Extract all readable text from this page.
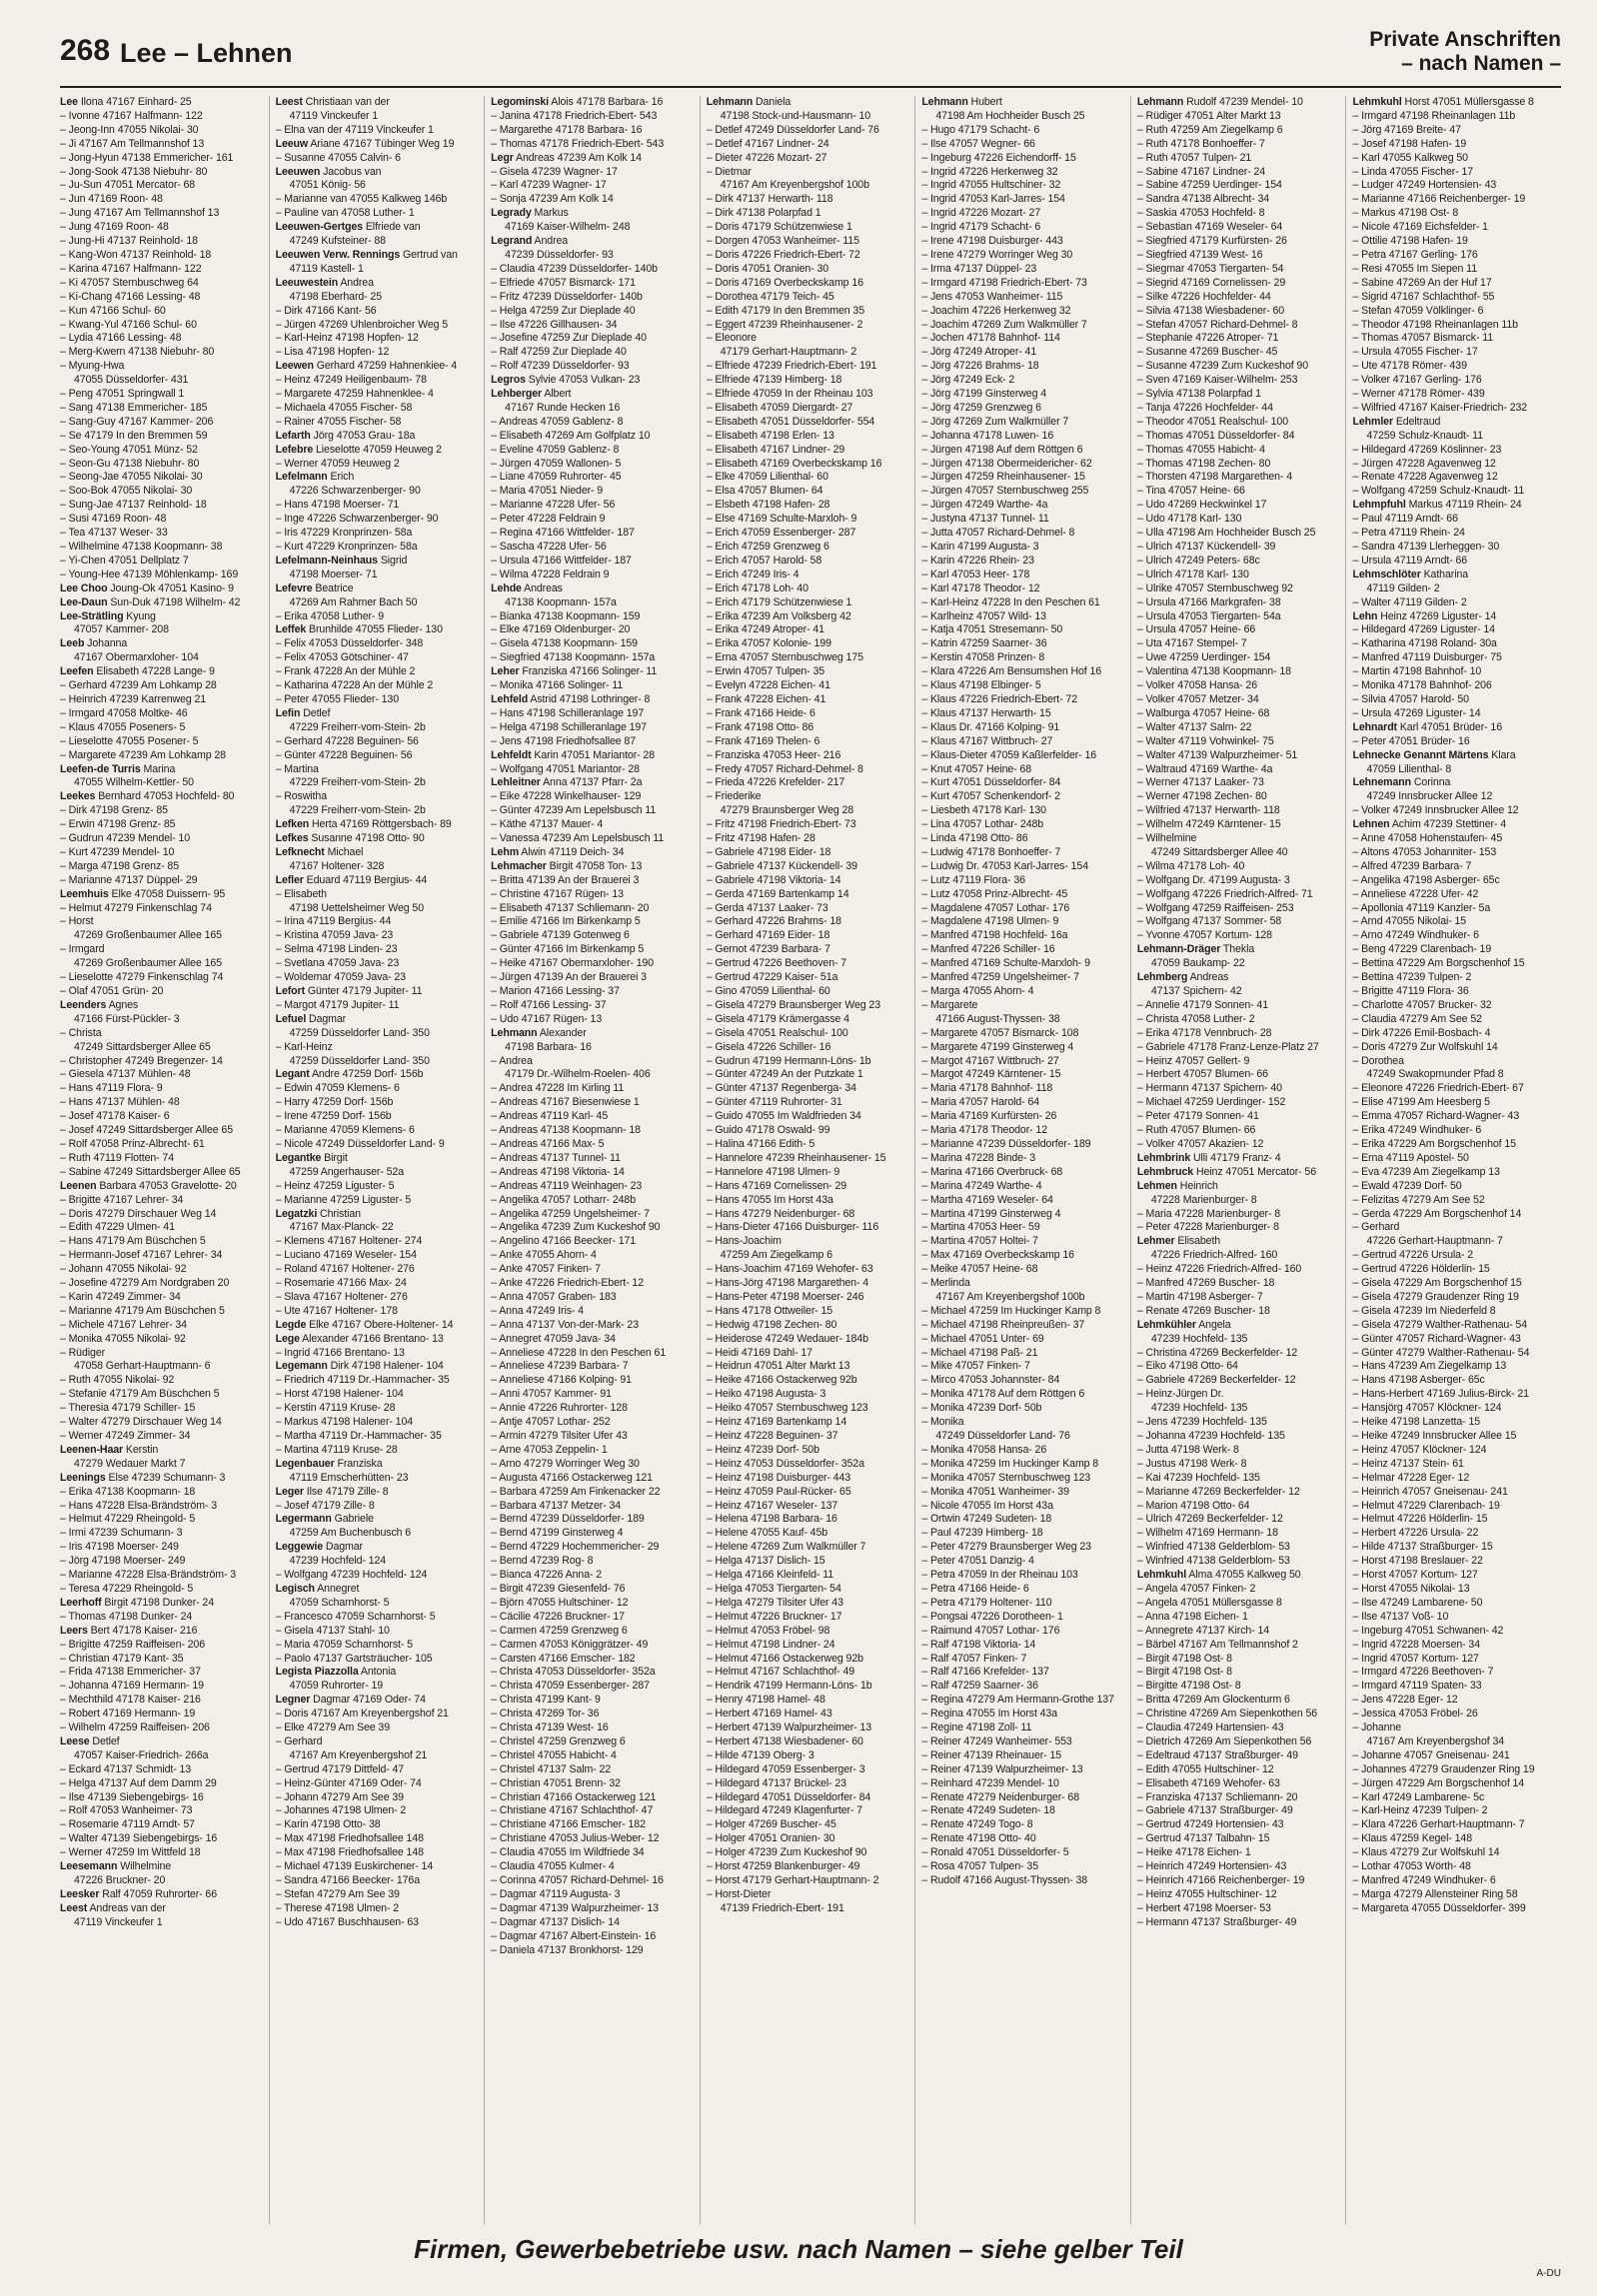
268 Lee – Lehnen	Private Anschriften
– nach Namen –
Lee Ilona 47167 Einhard- 25
– Ivonne 47167 Halfmann- 122
– Jeong-Inn 47055 Nikolai- 30
– Ji 47167 Am Tellmannshof 13
– Jong-Hyun 47138 Emmericher- 161
– Jong-Sook 47138 Niebuhr- 80
– Ju-Sun 47051 Mercator- 68
– Jun 47169 Roon- 48
– Jung 47167 Am Tellmannshof 13
– Jung 47169 Roon- 48
– Jung-Hi 47137 Reinhold- 18
– Kang-Won 47137 Reinhold- 18
– Karina 47167 Halfmann- 122
– Ki 47057 Sternbuschweg 64
– Ki-Chang 47166 Lessing- 48
– Kun 47166 Schul- 60
– Kwang-Yul 47166 Schul- 60
– Lydia 47166 Lessing- 48
– Merg-Kwern 47138 Niebuhr- 80
– Myung-Hwa
47055 Düsseldorfer- 431
– Peng 47051 Springwall 1
– Sang 47138 Emmericher- 185
– Sang-Guy 47167 Kammer- 206
– Se 47179 In den Bremmen 59
– Seo-Young 47051 Münz- 52
– Seon-Gu 47138 Niebuhr- 80
– Seong-Jae 47055 Nikolai- 30
– Soo-Bok 47055 Nikolai- 30
– Sung-Jae 47137 Reinhold- 18
– Susi 47169 Roon- 48
– Tea 47137 Weser- 33
– Wilhelmine 47138 Koopmann- 38
– Yi-Chen 47051 Dellplatz 7
– Young-Hee 47139 Möhlenkamp- 169
Lee Choo Joung-Ok 47051 Kasino- 9
Lee-Daun Sun-Duk 47198 Wilhelm- 42
Lee-Strätling Kyung
47057 Kammer- 208
Leeb Johanna
47167 Obermarxloher- 104
Leefen Elisabeth 47228 Lange- 9
– Gerhard 47239 Am Lohkamp 28
– Heinrich 47239 Karrenweg 21
– Irmgard 47058 Moltke- 46
– Klaus 47055 Poseners- 5
– Lieselotte 47055 Posener- 5
– Margarete 47239 Am Lohkamp 28
Leefen-de Turris Marina
47055 Wilhelm-Kettler- 50
Leekes Bernhard 47053 Hochfeld- 80
– Dirk 47198 Grenz- 85
– Erwin 47198 Grenz- 85
– Gudrun 47239 Mendel- 10
– Kurt 47239 Mendel- 10
– Marga 47198 Grenz- 85
– Marianne 47137 Düppel- 29
Leemhuis Elke 47058 Duissern- 95
– Helmut 47279 Finkenschlag 74
– Horst
47269 Großenbaumer Allee 165
– Irmgard
47269 Großenbaumer Allee 165
– Lieselotte 47279 Finkenschlag 74
– Olaf 47051 Grün- 20
Leenders Agnes
47166 Fürst-Pückler- 3
– Christa
47249 Sittardsberger Allee 65
– Christopher 47249 Bregenzer- 14
– Giesela 47137 Mühlen- 48
– Hans 47119 Flora- 9
– Hans 47137 Mühlen- 48
– Josef 47178 Kaiser- 6
– Josef 47249 Sittardsberger Allee 65
– Rolf 47058 Prinz-Albrecht- 61
– Ruth 47119 Flotten- 74
– Sabine 47249 Sittardsberger Allee 65
Leenen Barbara 47053 Gravelotte- 20
– Brigitte 47167 Lehrer- 34
– Doris 47279 Dirschauer Weg 14
– Edith 47229 Ulmen- 41
– Hans 47179 Am Büschchen 5
– Hermann-Josef 47167 Lehrer- 34
– Johann 47055 Nikolai- 92
– Josefine 47279 Am Nordgraben 20
– Karin 47249 Zimmer- 34
– Marianne 47179 Am Büschchen 5
– Michele 47167 Lehrer- 34
– Monika 47055 Nikolai- 92
– Rüdiger
47058 Gerhart-Hauptmann- 6
– Ruth 47055 Nikolai- 92
– Stefanie 47179 Am Büschchen 5
– Theresia 47179 Schiller- 15
– Walter 47279 Dirschauer Weg 14
– Werner 47249 Zimmer- 34
Leenen-Haar Kerstin
47279 Wedauer Markt 7
Leenings Else 47239 Schumann- 3
– Erika 47138 Koopmann- 18
– Hans 47228 Elsa-Brändström- 3
– Helmut 47229 Rheingold- 5
– Irmi 47239 Schumann- 3
– Iris 47198 Moerser- 249
– Jörg 47198 Moerser- 249
– Marianne 47228 Elsa-Brändström- 3
– Teresa 47229 Rheingold- 5
Leerhoff Birgit 47198 Dunker- 24
– Thomas 47198 Dunker- 24
Leers Bert 47178 Kaiser- 216
– Brigitte 47259 Raiffeisen- 206
– Christian 47179 Kant- 35
– Frida 47138 Emmericher- 37
– Johanna 47169 Hermann- 19
– Mechthild 47178 Kaiser- 216
– Robert 47169 Hermann- 19
– Wilhelm 47259 Raiffeisen- 206
Leese Detlef
47057 Kaiser-Friedrich- 266a
– Eckard 47137 Schmidt- 13
– Helga 47137 Auf dem Damm 29
– Ilse 47139 Siebengebirgs- 16
– Rolf 47053 Wanheimer- 73
– Rosemarie 47119 Arndt- 57
– Walter 47139 Siebengebirgs- 16
– Werner 47259 Im Wittfeld 18
Leesemann Wilhelmine
47226 Bruckner- 20
Leesker Ralf 47059 Ruhrorter- 66
Leest Andreas van der
47119 Vinckeufer 1
Leest Christiaan van der
47119 Vinckeufer 1
– Elna van der 47119 Vinckeufer 1
Leeuw Ariane 47167 Tübinger Weg 19
– Susanne 47055 Calvin- 6
Leeuwen Jacobus van
47051 König- 56
– Marianne van 47055 Kalkweg 146b
– Pauline van 47058 Luther- 1
Leeuwen-Gertges Elfriede van
47249 Kufsteiner- 88
Leeuwen Verw. Rennings Gertrud van
47119 Kastell- 1
Leeuwestein Andrea
47198 Eberhard- 25
– Dirk 47166 Kant- 56
– Jürgen 47269 Uhlenbroicher Weg 5
– Karl-Heinz 47198 Hopfen- 12
– Lisa 47198 Hopfen- 12
Leewen Gerhard 47259 Hahnenkiee- 4
– Heinz 47249 Heiligenbaum- 78
– Margarete 47259 Hahnenklee- 4
– Michaela 47055 Fischer- 58
– Rainer 47055 Fischer- 58
Lefarth Jörg 47053 Grau- 18a
Lefebre Lieselotte 47059 Heuweg 2
– Werner 47059 Heuweg 2
Lefelmann Erich
47226 Schwarzenberger- 90
– Hans 47198 Moerser- 71
– Inge 47226 Schwarzenberger- 90
– Iris 47229 Kronprinzen- 58a
– Kurt 47229 Kronprinzen- 58a
Lefelmann-Neinhaus Sigrid
47198 Moerser- 71
Lefevre Beatrice
47269 Am Rahmer Bach 50
– Erika 47058 Luther- 9
Leffek Brunhilde 47055 Flieder- 130
– Felix 47053 Düsseldorfer- 348
– Felix 47053 Götschiner- 47
– Frank 47228 An der Mühle 2
– Katharina 47228 An der Mühle 2
– Peter 47055 Flieder- 130
Lefin Detlef
47229 Freiherr-vom-Stein- 2b
– Gerhard 47228 Beguinen- 56
– Günter 47228 Beguinen- 56
– Martina
47229 Freiherr-vom-Stein- 2b
– Roswitha
47229 Freiherr-vom-Stein- 2b
Lefken Herta 47169 Röttgersbach- 89
Lefkes Susanne 47198 Otto- 90
Lefknecht Michael
47167 Holtener- 328
Lefler Eduard 47119 Bergius- 44
– Elisabeth
47198 Uettelsheimer Weg 50
– Irina 47119 Bergius- 44
– Kristina 47059 Java- 23
– Selma 47198 Linden- 23
– Svetlana 47059 Java- 23
– Woldemar 47059 Java- 23
Lefort Günter 47179 Jupiter- 11
– Margot 47179 Jupiter- 11
Lefuel Dagmar
47259 Düsseldorfer Land- 350
– Karl-Heinz
47259 Düsseldorfer Land- 350
Legant Andre 47259 Dorf- 156b
– Edwin 47059 Klemens- 6
– Harry 47259 Dorf- 156b
– Irene 47259 Dorf- 156b
– Marianne 47059 Klemens- 6
– Nicole 47249 Düsseldorfer Land- 9
Legantke Birgit
47259 Angerhauser- 52a
– Heinz 47259 Liguster- 5
– Marianne 47259 Liguster- 5
Legatzki Christian
47167 Max-Planck- 22
– Klemens 47167 Holtener- 274
– Luciano 47169 Weseler- 154
– Roland 47167 Holtener- 276
– Rosemarie 47166 Max- 24
– Slava 47167 Holtener- 276
– Ute 47167 Holtener- 178
Legde Elke 47167 Obere-Holtener- 14
Lege Alexander 47166 Brentano- 13
– Ingrid 47166 Brentano- 13
Legemann Dirk 47198 Halener- 104
– Friedrich 47119 Dr.-Hammacher- 35
– Horst 47198 Halener- 104
– Kerstin 47119 Kruse- 28
– Markus 47198 Halener- 104
– Martha 47119 Dr.-Hammacher- 35
– Martina 47119 Kruse- 28
Legenbauer Franziska
47119 Emscherhütten- 23
Leger Ilse 47179 Zille- 8
– Josef 47179 Zille- 8
Legermann Gabriele
47259 Am Buchenbusch 6
Leggewie Dagmar
47239 Hochfeld- 124
– Wolfgang 47239 Hochfeld- 124
Legisch Annegret
47059 Scharnhorst- 5
– Francesco 47059 Scharnhorst- 5
– Gisela 47137 Stahl- 10
– Maria 47059 Scharnhorst- 5
– Paolo 47137 Gartsträucher- 105
Legista Piazzolla Antonia
47059 Ruhrorter- 19
Legner Dagmar 47169 Oder- 74
– Doris 47167 Am Kreyenbergshof 21
– Elke 47279 Am See 39
– Gerhard
47167 Am Kreyenbergshof 21
– Gertrud 47179 Dittfeld- 47
– Heinz-Günter 47169 Oder- 74
– Johann 47279 Am See 39
– Johannes 47198 Ulmen- 2
– Karin 47198 Otto- 38
– Max 47198 Friedhofsallee 148
– Max 47198 Friedhofsallee 148
– Michael 47139 Euskirchener- 14
– Sandra 47166 Beecker- 176a
– Stefan 47279 Am See 39
– Therese 47198 Ulmen- 2
– Udo 47167 Buschhausen- 63
Legominski Alois 47178 Barbara- 16
– Janina 47178 Friedrich-Ebert- 543
– Margarethe 47178 Barbara- 16
– Thomas 47178 Friedrich-Ebert- 543
Legr Andreas 47239 Am Kolk 14
– Gisela 47239 Wagner- 17
– Karl 47239 Wagner- 17
– Sonja 47239 Am Kolk 14
Legrady Markus
47169 Kaiser-Wilhelm- 248
Legrand Andrea
47239 Düsseldorfer- 93
– Claudia 47239 Düsseldorfer- 140b
– Elfriede 47057 Bismarck- 171
– Fritz 47239 Düsseldorfer- 140b
– Helga 47259 Zur Dieplade 40
– Ilse 47226 Gillhausen- 34
– Josefine 47259 Zur Dieplade 40
– Ralf 47259 Zur Dieplade 40
– Rolf 47239 Düsseldorfer- 93
Legros Sylvie 47053 Vulkan- 23
Lehberger Albert
47167 Runde Hecken 16
– Andreas 47059 Gablenz- 8
– Elisabeth 47269 Am Golfplatz 10
– Eveline 47059 Gablenz- 8
– Jürgen 47059 Wallonen- 5
– Liane 47059 Ruhrorter- 45
– Maria 47051 Nieder- 9
– Marianne 47228 Ufer- 56
– Peter 47228 Feldrain 9
– Regina 47166 Wittfelder- 187
– Sascha 47228 Ufer- 56
– Ursula 47166 Wittfelder- 187
– Wilma 47228 Feldrain 9
Lehde Andreas
47138 Koopmann- 157a
– Bianka 47138 Koopmann- 159
– Elke 47169 Oldenburger- 20
– Gisela 47138 Koopmann- 159
– Siegfried 47138 Koopmann- 157a
Leher Franziska 47166 Solinger- 11
– Monika 47166 Solinger- 11
Lehfeld Astrid 47198 Lothringer- 8
– Hans 47198 Schilleranlage 197
– Helga 47198 Schilleranlage 197
– Jens 47198 Friedhofsallee 87
Lehfeldt Karin 47051 Mariantor- 28
– Wolfgang 47051 Mariantor- 28
Lehleitner Anna 47137 Pfarr- 2a
– Eike 47228 Winkelhauser- 129
– Günter 47239 Am Lepelsbusch 11
– Käthe 47137 Mauer- 4
– Vanessa 47239 Am Lepelsbusch 11
Lehm Alwin 47119 Deich- 34
Lehmacher Birgit 47058 Ton- 13
– Britta 47139 An der Brauerei 3
– Christine 47167 Rügen- 13
– Elisabeth 47137 Schliemann- 20
– Emilie 47166 Im Birkenkamp 5
– Gabriele 47139 Gotenweg 6
– Günter 47166 Im Birkenkamp 5
– Heike 47167 Obermarxloher- 190
– Jürgen 47139 An der Brauerei 3
– Marion 47166 Lessing- 37
– Rolf 47166 Lessing- 37
– Udo 47167 Rügen- 13
Lehmann Alexander
47198 Barbara- 16
– Andrea
47179 Dr.-Wilhelm-Roelen- 406
– Andrea 47228 Im Kirling 11
– Andreas 47167 Biesenwiese 1
– Andreas 47119 Karl- 45
– Andreas 47138 Koopmann- 18
– Andreas 47166 Max- 5
– Andreas 47137 Tunnel- 11
– Andreas 47198 Viktoria- 14
– Andreas 47119 Weinhagen- 23
– Angelika 47057 Lotharr- 248b
– Angelika 47259 Ungelsheimer- 7
– Angelika 47239 Zum Kuckeshof 90
– Angelino 47166 Beecker- 171
– Anke 47055 Ahorn- 4
– Anke 47057 Finken- 7
– Anke 47226 Friedrich-Ebert- 12
– Anna 47057 Graben- 183
– Anna 47249 Iris- 4
– Anna 47137 Von-der-Mark- 23
– Annegret 47059 Java- 34
– Anneliese 47228 In den Peschen 61
– Anneliese 47239 Barbara- 7
– Anneliese 47166 Kolping- 91
– Anni 47057 Kammer- 91
– Annie 47226 Ruhrorter- 128
– Antje 47057 Lothar- 252
– Armin 47279 Tilsiter Ufer 43
– Arne 47053 Zeppelin- 1
– Arno 47279 Worringer Weg 30
– Augusta 47166 Ostackerweg 121
– Barbara 47259 Am Finkenacker 22
– Barbara 47137 Metzer- 34
– Bernd 47239 Düsseldorfer- 189
– Bernd 47199 Ginsterweg 4
– Bernd 47229 Hochemmericher- 29
– Bernd 47239 Rog- 8
– Bianca 47226 Anna- 2
– Birgit 47239 Giesenfeld- 76
– Björn 47055 Hultschiner- 12
– Cäcilie 47226 Bruckner- 17
– Carmen 47259 Grenzweg 6
– Carmen 47053 Königgrätzer- 49
– Carsten 47166 Emscher- 182
– Christa 47053 Düsseldorfer- 352a
– Christa 47059 Essenberger- 287
– Christa 47199 Kant- 9
– Christa 47269 Tor- 36
– Christa 47139 West- 16
– Christel 47259 Grenzweg 6
– Christel 47055 Habicht- 4
– Christel 47137 Salm- 22
– Christian 47051 Brenn- 32
– Christian 47166 Ostackerweg 121
– Christiane 47167 Schlachthof- 47
– Christiane 47166 Emscher- 182
– Christiane 47053 Julius-Weber- 12
– Claudia 47055 Im Wildfriede 34
– Claudia 47055 Kulmer- 4
– Corinna 47057 Richard-Dehmel- 16
– Dagmar 47119 Augusta- 3
– Dagmar 47139 Walpurzheimer- 13
– Dagmar 47137 Dislich- 14
– Dagmar 47167 Albert-Einstein- 16
– Daniela 47137 Bronkhorst- 129
Lehmann Daniela
47198 Stock-und-Hausmann- 10
– Detlef 47249 Düsseldorfer Land- 76
– Detlef 47167 Lindner- 24
– Dieter 47226 Mozart- 27
– Dietmar
47167 Am Kreyenbergshof 100b
– Dirk 47137 Herwarth- 118
– Dirk 47138 Polarpfad 1
– Doris 47179 Schützenwiese 1
– Dorgen 47053 Wanheimer- 115
– Doris 47226 Friedrich-Ebert- 72
– Doris 47051 Oranien- 30
– Doris 47169 Overbeckskamp 16
– Dorothea 47179 Teich- 45
– Edith 47179 In den Bremmen 35
– Eggert 47239 Rheinhausener- 2
– Eleonore
47179 Gerhart-Hauptmann- 2
– Elfriede 47239 Friedrich-Ebert- 191
– Elfriede 47139 Himberg- 18
– Elfriede 47059 In der Rheinau 103
– Elisabeth 47059 Diergardt- 27
– Elisabeth 47051 Düsseldorfer- 554
– Elisabeth 47198 Erlen- 13
– Elisabeth 47167 Lindner- 29
– Elisabeth 47169 Overbeckskamp 16
– Elke 47059 Lilienthal- 60
– Elsa 47057 Blumen- 64
– Elsbeth 47198 Hafen- 28
– Else 47169 Schulte-Marxloh- 9
– Erich 47059 Essenberger- 287
– Erich 47259 Grenzweg 6
– Erich 47057 Harold- 58
– Erich 47249 Iris- 4
– Erich 47178 Loh- 40
– Erich 47179 Schützenwiese 1
– Erika 47239 Am Volksberg 42
– Erika 47249 Atroper- 41
– Erika 47057 Kolonie- 199
– Erna 47057 Sternbuschweg 175
– Erwin 47057 Tulpen- 35
– Evelyn 47228 Eichen- 41
– Frank 47228 Eichen- 41
– Frank 47166 Heide- 6
– Frank 47198 Otto- 86
– Frank 47169 Thelen- 6
– Franziska 47053 Heer- 216
– Fredy 47057 Richard-Dehmel- 8
– Frieda 47226 Krefelder- 217
– Friederike
47279 Braunsberger Weg 28
– Fritz 47198 Friedrich-Ebert- 73
– Fritz 47198 Hafen- 28
– Gabriele 47198 Eider- 18
– Gabriele 47137 Kückendell- 39
– Gabriele 47198 Viktoria- 14
– Gerda 47169 Bartenkamp 14
– Gerda 47137 Laaker- 73
– Gerhard 47226 Brahms- 18
– Gerhard 47169 Eider- 18
– Gernot 47239 Barbara- 7
– Gertrud 47226 Beethoven- 7
– Gertrud 47229 Kaiser- 51a
– Gino 47059 Lilienthal- 60
– Gisela 47279 Braunsberger Weg 23
– Gisela 47179 Krämergasse 4
– Gisela 47051 Realschul- 100
– Gisela 47226 Schiller- 16
– Gudrun 47199 Hermann-Löns- 1b
– Günter 47249 An der Putzkate 1
– Günter 47137 Regenberga- 34
– Günter 47119 Ruhrorter- 31
– Guido 47055 Im Waldfrieden 34
– Guido 47178 Oswald- 99
– Halina 47166 Edith- 5
– Hannelore 47239 Rheinhausener- 15
– Hannelore 47198 Ulmen- 9
– Hans 47169 Cornelissen- 29
– Hans 47055 Im Horst 43a
– Hans 47279 Neidenburger- 68
– Hans-Dieter 47166 Duisburger- 116
– Hans-Joachim
47259 Am Ziegelkamp 6
– Hans-Joachim 47169 Wehofer- 63
– Hans-Jörg 47198 Margarethen- 4
– Hans-Peter 47198 Moerser- 246
– Hans 47178 Ottweiler- 15
– Hedwig 47198 Zechen- 80
– Heiderose 47249 Wedauer- 184b
– Heidi 47169 Dahl- 17
– Heidrun 47051 Alter Markt 13
– Heike 47166 Ostackerweg 92b
– Heiko 47198 Augusta- 3
– Heiko 47057 Sternbuschweg 123
– Heinz 47169 Bartenkamp 14
– Heinz 47228 Beguinen- 37
– Heinz 47239 Dorf- 50b
– Heinz 47053 Düsseldorfer- 352a
– Heinz 47198 Duisburger- 443
– Heinz 47059 Paul-Rücker- 65
– Heinz 47167 Weseler- 137
– Helena 47198 Barbara- 16
– Helene 47055 Kauf- 45b
– Helene 47269 Zum Walkmüller 7
– Helga 47137 Dislich- 15
– Helga 47166 Kleinfeld- 11
– Helga 47053 Tiergarten- 54
– Helga 47279 Tilsiter Ufer 43
– Helmut 47226 Bruckner- 17
– Helmut 47053 Fröbel- 98
– Helmut 47198 Lindner- 24
– Helmut 47166 Ostackerweg 92b
– Helmut 47167 Schlachthof- 49
– Hendrik 47199 Hermann-Löns- 1b
– Henry 47198 Hamel- 48
– Herbert 47169 Hamel- 43
– Herbert 47139 Walpurzheimer- 13
– Herbert 47138 Wiesbadener- 60
– Hilde 47139 Oberg- 3
– Hildegard 47059 Essenberger- 3
– Hildegard 47137 Brückel- 23
– Hildegard 47051 Düsseldorfer- 84
– Hildegard 47249 Klagenfurter- 7
– Holger 47269 Buscher- 45
– Holger 47051 Oranien- 30
– Holger 47239 Zum Kuckeshof 90
– Horst 47259 Blankenburger- 49
– Horst 47179 Gerhart-Hauptmann- 2
– Horst-Dieter
47139 Friedrich-Ebert- 191
Lehmann Hubert
47198 Am Hochheider Busch 25
– Hugo 47179 Schacht- 6
– Ilse 47057 Wegner- 66
– Ingeburg 47226 Eichendorff- 15
– Ingrid 47226 Herkenweg 32
– Ingrid 47055 Hultschiner- 32
– Ingrid 47053 Karl-Jarres- 154
– Ingrid 47226 Mozart- 27
– Ingrid 47179 Schacht- 6
– Irene 47198 Duisburger- 443
– Irene 47279 Worringer Weg 30
– Irma 47137 Düppel- 23
– Irmgard 47198 Friedrich-Ebert- 73
– Jens 47053 Wanheimer- 115
– Joachim 47226 Herkenweg 32
– Joachim 47269 Zum Walkmüller 7
– Jochen 47178 Bahnhof- 114
– Jörg 47249 Atroper- 41
– Jörg 47226 Brahms- 18
– Jörg 47249 Eck- 2
– Jörg 47199 Ginsterweg 4
– Jörg 47259 Grenzweg 6
– Jörg 47269 Zum Walkmüller 7
– Johanna 47178 Luwen- 16
– Jürgen 47198 Auf dem Röttgen 6
– Jürgen 47138 Obermeidericher- 62
– Jürgen 47259 Rheinhausener- 15
– Jürgen 47057 Sternbuschweg 255
– Jürgen 47249 Warthe- 4a
– Justyna 47137 Tunnel- 11
– Jutta 47057 Richard-Dehmel- 8
– Karin 47199 Augusta- 3
– Karin 47226 Rhein- 23
– Karl 47053 Heer- 178
– Karl 47178 Theodor- 12
– Karl-Heinz 47228 In den Peschen 61
– Karlheinz 47057 Wild- 13
– Katja 47051 Stresemann- 50
– Katrin 47259 Saarner- 36
– Kerstin 47058 Prinzen- 8
– Klara 47226 Am Bensumshen Hof 16
– Klaus 47198 Elbinger- 5
– Klaus 47226 Friedrich-Ebert- 72
– Klaus 47137 Herwarth- 15
– Klaus Dr. 47166 Kolping- 91
– Klaus 47167 Wittbruch- 27
– Klaus-Dieter 47059 Kaßlerfelder- 16
– Knut 47057 Heine- 68
– Kurt 47051 Düsseldorfer- 84
– Kurt 47057 Schenkendorf- 2
– Liesbeth 47178 Karl- 130
– Lina 47057 Lothar- 248b
– Linda 47198 Otto- 86
– Ludwig 47178 Bonhoeffer- 7
– Ludwig Dr. 47053 Karl-Jarres- 154
– Lutz 47119 Flora- 36
– Lutz 47058 Prinz-Albrecht- 45
– Magdalene 47057 Lothar- 176
– Magdalene 47198 Ulmen- 9
– Manfred 47198 Hochfeld- 16a
– Manfred 47226 Schiller- 16
– Manfred 47169 Schulte-Marxloh- 9
– Manfred 47259 Ungelsheimer- 7
– Marga 47055 Ahorn- 4
– Margarete
47166 August-Thyssen- 38
– Margarete 47057 Bismarck- 108
– Margarete 47199 Ginsterweg 4
– Margot 47167 Wittbruch- 27
– Margot 47249 Kärntener- 15
– Maria 47178 Bahnhof- 118
– Maria 47057 Harold- 64
– Maria 47169 Kurfürsten- 26
– Maria 47178 Theodor- 12
– Marianne 47239 Düsseldorfer- 189
– Marina 47228 Binde- 3
– Marina 47166 Overbruck- 68
– Marina 47249 Warthe- 4
– Martha 47169 Weseler- 64
– Martina 47199 Ginsterweg 4
– Martina 47053 Heer- 59
– Martina 47057 Holtei- 7
– Max 47169 Overbeckskamp 16
– Meike 47057 Heine- 68
– Merlinda
47167 Am Kreyenbergshof 100b
– Michael 47259 Im Huckinger Kamp 8
– Michael 47198 Rheinpreußen- 37
– Michael 47051 Unter- 69
– Michael 47198 Paß- 21
– Mike 47057 Finken- 7
– Mirco 47053 Johannster- 84
– Monika 47178 Auf dem Röttgen 6
– Monika 47239 Dorf- 50b
– Monika
47249 Düsseldorfer Land- 76
– Monika 47058 Hansa- 26
– Monika 47259 Im Huckinger Kamp 8
– Monika 47057 Sternbuschweg 123
– Monika 47051 Wanheimer- 39
– Nicole 47055 Im Horst 43a
– Ortwin 47249 Sudeten- 18
– Paul 47239 Himberg- 18
– Peter 47279 Braunsberger Weg 23
– Peter 47051 Danzig- 4
– Petra 47059 In der Rheinau 103
– Petra 47166 Heide- 6
– Petra 47179 Holtener- 110
– Pongsai 47226 Dorotheen- 1
– Raimund 47057 Lothar- 176
– Ralf 47198 Viktoria- 14
– Ralf 47057 Finken- 7
– Ralf 47166 Krefelder- 137
– Ralf 47259 Saarner- 36
– Regina 47279 Am Hermann-Grothe 137
– Regina 47055 Im Horst 43a
– Regine 47198 Zoll- 11
– Reiner 47249 Wanheimer- 553
– Reiner 47139 Rheinauer- 15
– Reiner 47139 Walpurzheimer- 13
– Reinhard 47239 Mendel- 10
– Renate 47279 Neidenburger- 68
– Renate 47249 Sudeten- 18
– Renate 47249 Togo- 8
– Renate 47198 Otto- 40
– Ronald 47051 Düsseldorfer- 5
– Rosa 47057 Tulpen- 35
– Rudolf 47166 August-Thyssen- 38
Lehmann Rudolf 47239 Mendel- 10
– Rüdiger 47051 Alter Markt 13
– Ruth 47259 Am Ziegelkamp 6
– Ruth 47178 Bonhoeffer- 7
– Ruth 47057 Tulpen- 21
– Sabine 47167 Lindner- 24
– Sabine 47259 Uerdinger- 154
– Sandra 47138 Albrecht- 34
– Saskia 47053 Hochfeld- 8
– Sebastian 47169 Weseler- 64
– Siegfried 47179 Kurfürsten- 26
– Siegfried 47139 West- 16
– Siegmar 47053 Tiergarten- 54
– Siegrid 47169 Cornelissen- 29
– Silke 47226 Hochfelder- 44
– Silvia 47138 Wiesbadener- 60
– Stefan 47057 Richard-Dehmel- 8
– Stephanie 47226 Atroper- 71
– Susanne 47269 Buscher- 45
– Susanne 47239 Zum Kuckeshof 90
– Sven 47169 Kaiser-Wilhelm- 253
– Sylvia 47138 Polarpfad 1
– Tanja 47226 Hochfelder- 44
– Theodor 47051 Realschul- 100
– Thomas 47051 Düsseldorfer- 84
– Thomas 47055 Habicht- 4
– Thomas 47198 Zechen- 80
– Thorsten 47198 Margarethen- 4
– Tina 47057 Heine- 66
– Udo 47269 Heckwinkel 17
– Udo 47178 Karl- 130
– Ulla 47198 Am Hochheider Busch 25
– Ulrich 47137 Kückendell- 39
– Ulrich 47249 Peters- 68c
– Ulrich 47178 Karl- 130
– Ulrike 47057 Sternbuschweg 92
– Ursula 47166 Markgrafen- 38
– Ursula 47053 Tiergarten- 54a
– Ursula 47057 Heine- 66
– Uta 47167 Stempel- 7
– Uwe 47259 Uerdinger- 154
– Valentina 47138 Koopmann- 18
– Volker 47058 Hansa- 26
– Volker 47057 Metzer- 34
– Walburga 47057 Heine- 68
– Walter 47137 Salm- 22
– Walter 47119 Vohwinkel- 75
– Walter 47139 Walpurzheimer- 51
– Waltraud 47169 Warthe- 4a
– Werner 47137 Laaker- 73
– Werner 47198 Zechen- 80
– Wilfried 47137 Herwarth- 118
– Wilhelm 47249 Kärntener- 15
– Wilhelmine
47249 Sittardsberger Allee 40
– Wilma 47178 Loh- 40
– Wolfgang Dr. 47199 Augusta- 3
– Wolfgang 47226 Friedrich-Alfred- 71
– Wolfgang 47259 Raiffeisen- 253
– Wolfgang 47137 Sommer- 58
– Yvonne 47057 Kortum- 128
Lehmann-Dräger Thekla
47059 Baukamp- 22
Lehmberg Andreas
47137 Spichern- 42
– Annelie 47179 Sonnen- 41
– Christa 47058 Luther- 2
– Erika 47178 Vennbruch- 28
– Gabriele 47178 Franz-Lenze-Platz 27
– Heinz 47057 Gellert- 9
– Herbert 47057 Blumen- 66
– Hermann 47137 Spichern- 40
– Michael 47259 Uerdinger- 152
– Peter 47179 Sonnen- 41
– Ruth 47057 Blumen- 66
– Volker 47057 Akazien- 12
Lehmbrink Ulli 47179 Franz- 4
Lehmbruck Heinz 47051 Mercator- 56
Lehmen Heinrich
47228 Marienburger- 8
– Maria 47228 Marienburger- 8
– Peter 47228 Marienburger- 8
Lehmer Elisabeth
47226 Friedrich-Alfred- 160
– Heinz 47226 Friedrich-Alfred- 160
– Manfred 47269 Buscher- 18
– Martin 47198 Asberger- 7
– Renate 47269 Buscher- 18
Lehmkühler Angela
47239 Hochfeld- 135
– Christina 47269 Beckerfelder- 12
– Eiko 47198 Otto- 64
– Gabriele 47269 Beckerfelder- 12
– Heinz-Jürgen Dr.
47239 Hochfeld- 135
– Jens 47239 Hochfeld- 135
– Johanna 47239 Hochfeld- 135
– Jutta 47198 Werk- 8
– Justus 47198 Werk- 8
– Kai 47239 Hochfeld- 135
– Marianne 47269 Beckerfelder- 12
– Marion 47198 Otto- 64
– Ulrich 47269 Beckerfelder- 12
– Wilhelm 47169 Hermann- 18
– Winfried 47138 Gelderblom- 53
– Winfried 47138 Gelderblom- 53
Lehmkuhl Alma 47055 Kalkweg 50
– Angela 47057 Finken- 2
– Angela 47051 Müllersgasse 8
– Anna 47198 Eichen- 1
– Annegrete 47137 Kirch- 14
– Bärbel 47167 Am Tellmannshof 2
– Birgit 47198 Ost- 8
– Birgit 47198 Ost- 8
– Birgitte 47198 Ost- 8
– Britta 47269 Am Glockenturm 6
– Christine 47269 Am Siepenkothen 56
– Claudia 47249 Hartensien- 43
– Dietrich 47269 Am Siepenkothen 56
– Edeltraud 47137 Straßburger- 49
– Edith 47055 Hultschiner- 12
– Elisabeth 47169 Wehofer- 63
– Franziska 47137 Schliemann- 20
– Gabriele 47137 Straßburger- 49
– Gertrud 47249 Hortensien- 43
– Gertrud 47137 Talbahn- 15
– Heike 47178 Eichen- 1
– Heinrich 47249 Hortensien- 43
– Heinrich 47166 Reichenberger- 19
– Heinz 47055 Hultschiner- 12
– Herbert 47198 Moerser- 53
– Hermann 47137 Straßburger- 49
Lehmkuhl Horst 47051 Müllersgasse 8
– Irmgard 47198 Rheinanlagen 11b
– Jörg 47169 Breite- 47
– Josef 47198 Hafen- 19
– Karl 47055 Kalkweg 50
– Linda 47055 Fischer- 17
– Ludger 47249 Hortensien- 43
– Marianne 47166 Reichenberger- 19
– Markus 47198 Ost- 8
– Nicole 47169 Eichsfelder- 1
– Ottilie 47198 Hafen- 19
– Petra 47167 Gerling- 176
– Resi 47055 Im Siepen 11
– Sabine 47269 An der Huf 17
– Sigrid 47167 Schlachthof- 55
– Stefan 47059 Völklinger- 6
– Theodor 47198 Rheinanlagen 11b
– Thomas 47057 Bismarck- 11
– Ursula 47055 Fischer- 17
– Ute 47178 Römer- 439
– Volker 47167 Gerling- 176
– Werner 47178 Römer- 439
– Wilfried 47167 Kaiser-Friedrich- 232
Lehmler Edeltraud
47259 Schulz-Knaudt- 11
– Hildegard 47269 Köslinner- 23
– Jürgen 47228 Agavenweg 12
– Renate 47228 Agavenweg 12
– Wolfgang 47259 Schulz-Knaudt- 11
Lehmpfuhl Markus 47119 Rhein- 24
– Paul 47119 Arndt- 66
– Petra 47119 Rhein- 24
– Sandra 47139 Llerheggen- 30
– Ursula 47119 Arndt- 66
Lehmschlöter Katharina
47119 Gilden- 2
– Walter 47119 Gilden- 2
Lehn Heinz 47269 Liguster- 14
– Hildegard 47269 Liguster- 14
– Katharina 47198 Roland- 30a
– Manfred 47119 Duisburger- 75
– Martin 47198 Bahnhof- 10
– Monika 47178 Bahnhof- 206
– Silvia 47057 Harold- 50
– Ursula 47269 Liguster- 14
Lehnardt Karl 47051 Brüder- 16
– Peter 47051 Brüder- 16
Lehnecke Genannt Märtens Klara
47059 Lilienthal- 8
Lehnemann Corinna
47249 Innsbrucker Allee 12
– Volker 47249 Innsbrucker Allee 12
Lehnen Achim 47239 Stettiner- 4
– Anne 47058 Hohenstaufen- 45
– Altons 47053 Johanniter- 153
– Alfred 47239 Barbara- 7
– Angelika 47198 Asberger- 65c
– Anneliese 47228 Ufer- 42
– Apollonia 47119 Kanzler- 5a
– Arnd 47055 Nikolai- 15
– Arno 47249 Windhuker- 6
– Beng 47229 Clarenbach- 19
– Bettina 47229 Am Borgschenhof 15
– Bettina 47239 Tulpen- 2
– Brigitte 47119 Flora- 36
– Charlotte 47057 Brucker- 32
– Claudia 47279 Am See 52
– Dirk 47226 Emil-Bosbach- 4
– Doris 47279 Zur Wolfskuhl 14
– Dorothea
47249 Swakopmunder Pfad 8
– Eleonore 47226 Friedrich-Ebert- 67
– Elise 47199 Am Heesberg 5
– Emma 47057 Richard-Wagner- 43
– Erika 47249 Windhuker- 6
– Erika 47229 Am Borgschenhof 15
– Erna 47119 Apostel- 50
– Eva 47239 Am Ziegelkamp 13
– Ewald 47239 Dorf- 50
– Felizitas 47279 Am See 52
– Gerda 47229 Am Borgschenhof 14
– Gerhard
47226 Gerhart-Hauptmann- 7
– Gertrud 47226 Ursula- 2
– Gertrud 47226 Hölderlin- 15
– Gisela 47229 Am Borgschenhof 15
– Gisela 47279 Graudenzer Ring 19
– Gisela 47239 Im Niederfeld 8
– Gisela 47279 Walther-Rathenau- 54
– Günter 47057 Richard-Wagner- 43
– Günter 47279 Walther-Rathenau- 54
– Hans 47239 Am Ziegelkamp 13
– Hans 47198 Asberger- 65c
– Hans-Herbert 47169 Julius-Birck- 21
– Hansjörg 47057 Klöckner- 124
– Heike 47198 Lanzetta- 15
– Heike 47249 Innsbrucker Allee 15
– Heinz 47057 Klöckner- 124
– Heinz 47137 Stein- 61
– Helmar 47228 Eger- 12
– Heinrich 47057 Gneisenau- 241
– Helmut 47229 Clarenbach- 19
– Helmut 47226 Hölderlin- 15
– Herbert 47226 Ursula- 22
– Hilde 47137 Straßburger- 15
– Horst 47198 Breslauer- 22
– Horst 47057 Kortum- 127
– Horst 47055 Nikolai- 13
– Ilse 47249 Lambarene- 50
– Ilse 47137 Voß- 10
– Ingeburg 47051 Schwanen- 42
– Ingrid 47228 Moersen- 34
– Ingrid 47057 Kortum- 127
– Irmgard 47226 Beethoven- 7
– Irmgard 47119 Spaten- 33
– Jens 47228 Eger- 12
– Jessica 47053 Fröbel- 26
– Johanne
47167 Am Kreyenbergshof 34
– Johanne 47057 Gneisenau- 241
– Johannes 47279 Graudenzer Ring 19
– Jürgen 47229 Am Borgschenhof 14
– Karl 47249 Lambarene- 5c
– Karl-Heinz 47239 Tulpen- 2
– Klara 47226 Gerhart-Hauptmann- 7
– Klaus 47259 Kegel- 148
– Klaus 47279 Zur Wolfskuhl 14
– Lothar 47053 Wörth- 48
– Manfred 47249 Windhuker- 6
– Marga 47279 Allensteiner Ring 58
– Margareta 47055 Düsseldorfer- 399
Firmen, Gewerbebetriebe usw. nach Namen – siehe gelber Teil
A-DU
